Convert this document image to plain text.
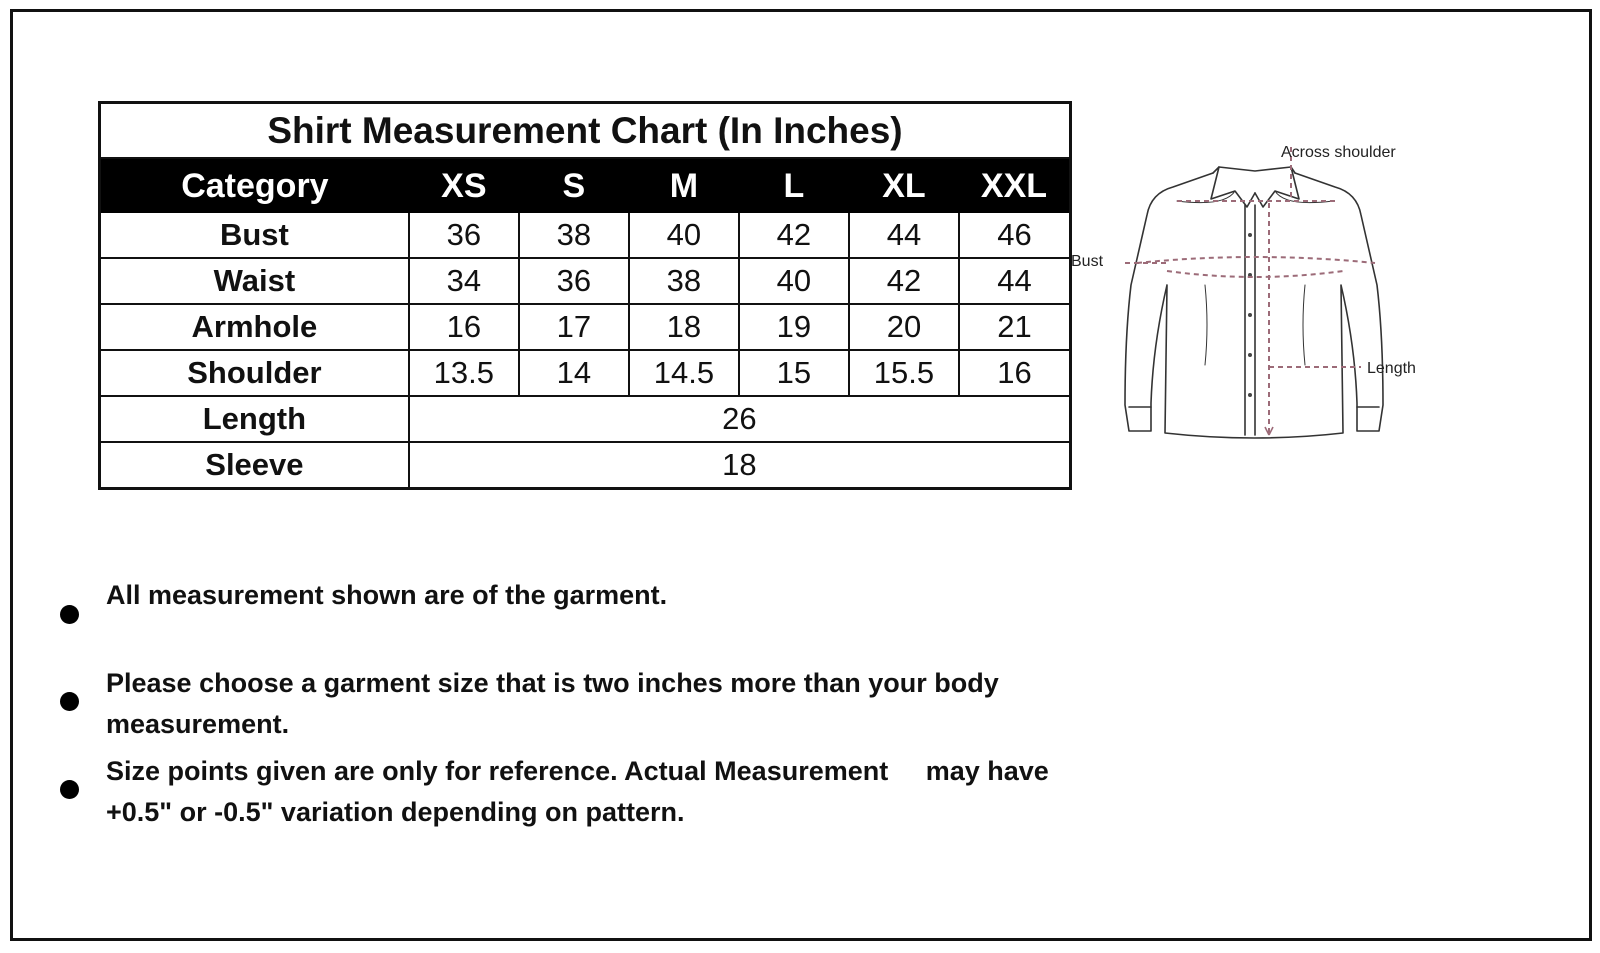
Shirt Measurement Chart (In Inches)						
Category	XS	S	M	L	XL	XXL
Bust	36	38	40	42	44	46
Waist	34	36	38	40	42	44
Armhole	16	17	18	19	20	21
Shoulder	13.5	14	14.5	15	15.5	16
Length	26					
Sleeve	18					
Across shoulder
Bust
Length
All measurement shown are of the garment.
Please choose a garment size that is two inches more than your body measurement.
Size points given are only for reference. Actual Measurement     may have +0.5" or -0.5" variation depending on pattern.
